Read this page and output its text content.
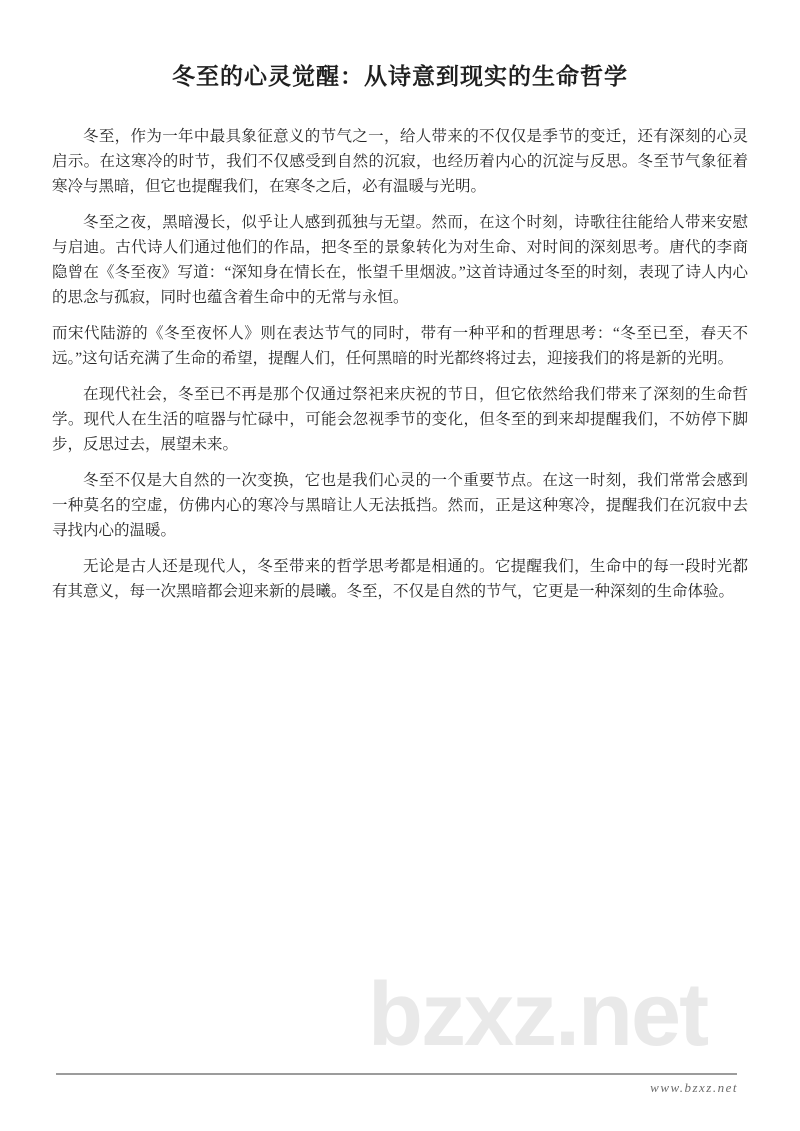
冬至的心灵觉醒：从诗意到现实的生命哲学

冬至，作为一年中最具象征意义的节气之一，给人带来的不仅仅是季节的变迁，还有深刻的心灵启示。在这寒冷的时节，我们不仅感受到自然的沉寂，也经历着内心的沉淀与反思。冬至节气象征着寒冷与黑暗，但它也提醒我们，在寒冬之后，必有温暖与光明。

冬至之夜，黑暗漫长，似乎让人感到孤独与无望。然而，在这个时刻，诗歌往往能给人带来安慰与启迪。古代诗人们通过他们的作品，把冬至的景象转化为对生命、对时间的深刻思考。唐代的李商隐曾在《冬至夜》写道：“深知身在情长在，怅望千里烟波。”这首诗通过冬至的时刻，表现了诗人内心的思念与孤寂，同时也蕴含着生命中的无常与永恒。

而宋代陆游的《冬至夜怀人》则在表达节气的同时，带有一种平和的哲理思考：“冬至已至，春天不远。”这句话充满了生命的希望，提醒人们，任何黑暗的时光都终将过去，迎接我们的将是新的光明。

在现代社会，冬至已不再是那个仅通过祭祀来庆祝的节日，但它依然给我们带来了深刻的生命哲学。现代人在生活的喧器与忙碌中，可能会忽视季节的变化，但冬至的到来却提醒我们，不妨停下脚步，反思过去，展望未来。

冬至不仅是大自然的一次变换，它也是我们心灵的一个重要节点。在这一时刻，我们常常会感到一种莫名的空虚，仿佛内心的寒冷与黑暗让人无法抵挡。然而，正是这种寒冷，提醒我们在沉寂中去寻找内心的温暖。

无论是古人还是现代人，冬至带来的哲学思考都是相通的。它提醒我们，生命中的每一段时光都有其意义，每一次黑暗都会迎来新的晨曦。冬至，不仅是自然的节气，它更是一种深刻的生命体验。

bzxz.net
www.bzxz.net
